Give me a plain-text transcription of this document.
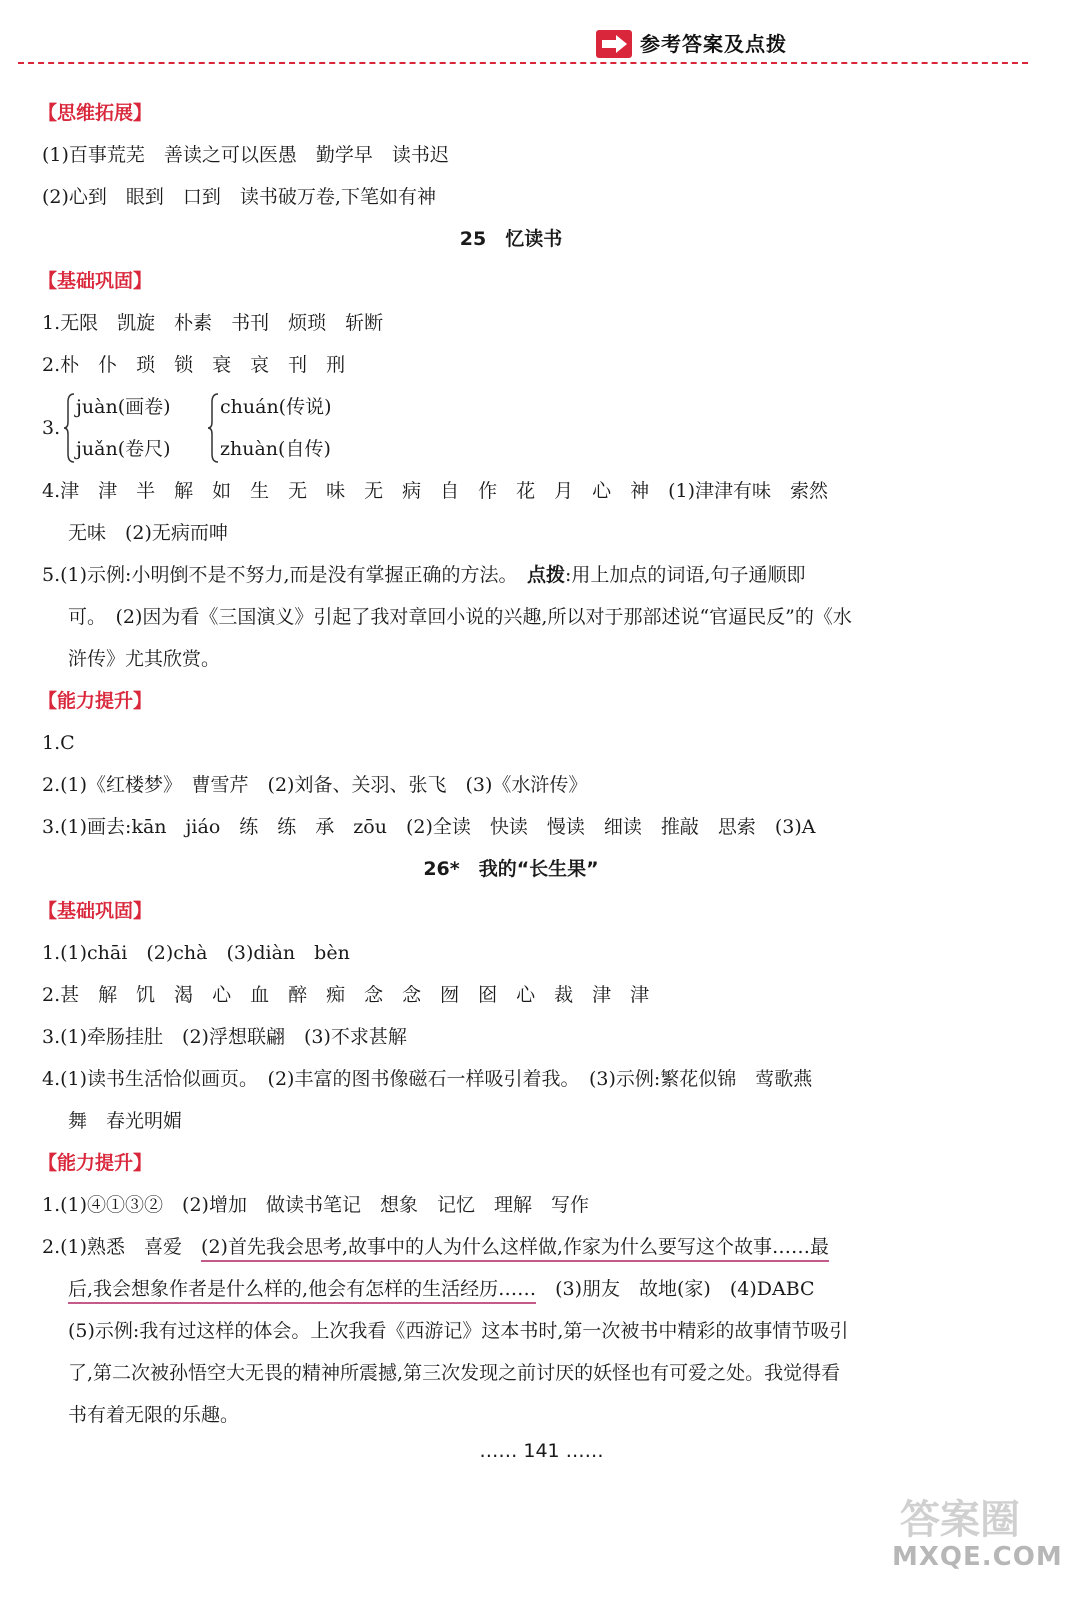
参考答案及点拨
【思维拓展】
(1)百事荒芜　善读之可以医愚　勤学早　读书迟
(2)心到　眼到　口到　读书破万卷,下笔如有神
25　忆读书
【基础巩固】
1.无限　凯旋　朴素　书刊　烦琐　斩断
2.朴　仆　琐　锁　衰　哀　刊　刑
3.
juàn(画卷)
juǎn(卷尺)
chuán(传说)
zhuàn(自传)
4.津　津　半　解　如　生　无　味　无　病　自　作　花　月　心　神　(1)津津有味　索然
无味　(2)无病而呻
5.(1)示例:小明倒不是不努力,而是没有掌握正确的方法。　点拨:用上加点的词语,句子通顺即
可。　(2)因为看《三国演义》引起了我对章回小说的兴趣,所以对于那部述说“官逼民反”的《水
浒传》尤其欣赏。
【能力提升】
1.C
2.(1)《红楼梦》　曹雪芹　(2)刘备、关羽、张飞　(3)《水浒传》
3.(1)画去:kān　jiáo　练　练　承　zōu　(2)全读　快读　慢读　细读　推敲　思索　(3)A
26*　我的“长生果”
【基础巩固】
1.(1)chāi　(2)chà　(3)diàn　bèn
2.甚　解　饥　渴　心　血　醉　痴　念　念　囫　囵　心　裁　津　津
3.(1)牵肠挂肚　(2)浮想联翩　(3)不求甚解
4.(1)读书生活恰似画页。　(2)丰富的图书像磁石一样吸引着我。　(3)示例:繁花似锦　莺歌燕
舞　春光明媚
【能力提升】
1.(1)④①③②　(2)增加　做读书笔记　想象　记忆　理解　写作
2.(1)熟悉　喜爱　(2)首先我会思考,故事中的人为什么这样做,作家为什么要写这个故事……最
后,我会想象作者是什么样的,他会有怎样的生活经历……　(3)朋友　故地(家)　(4)DABC
(5)示例:我有过这样的体会。上次我看《西游记》这本书时,第一次被书中精彩的故事情节吸引
了,第二次被孙悟空大无畏的精神所震撼,第三次发现之前讨厌的妖怪也有可爱之处。我觉得看
书有着无限的乐趣。
…… 141 ……
答案圈
MXQE.COM
